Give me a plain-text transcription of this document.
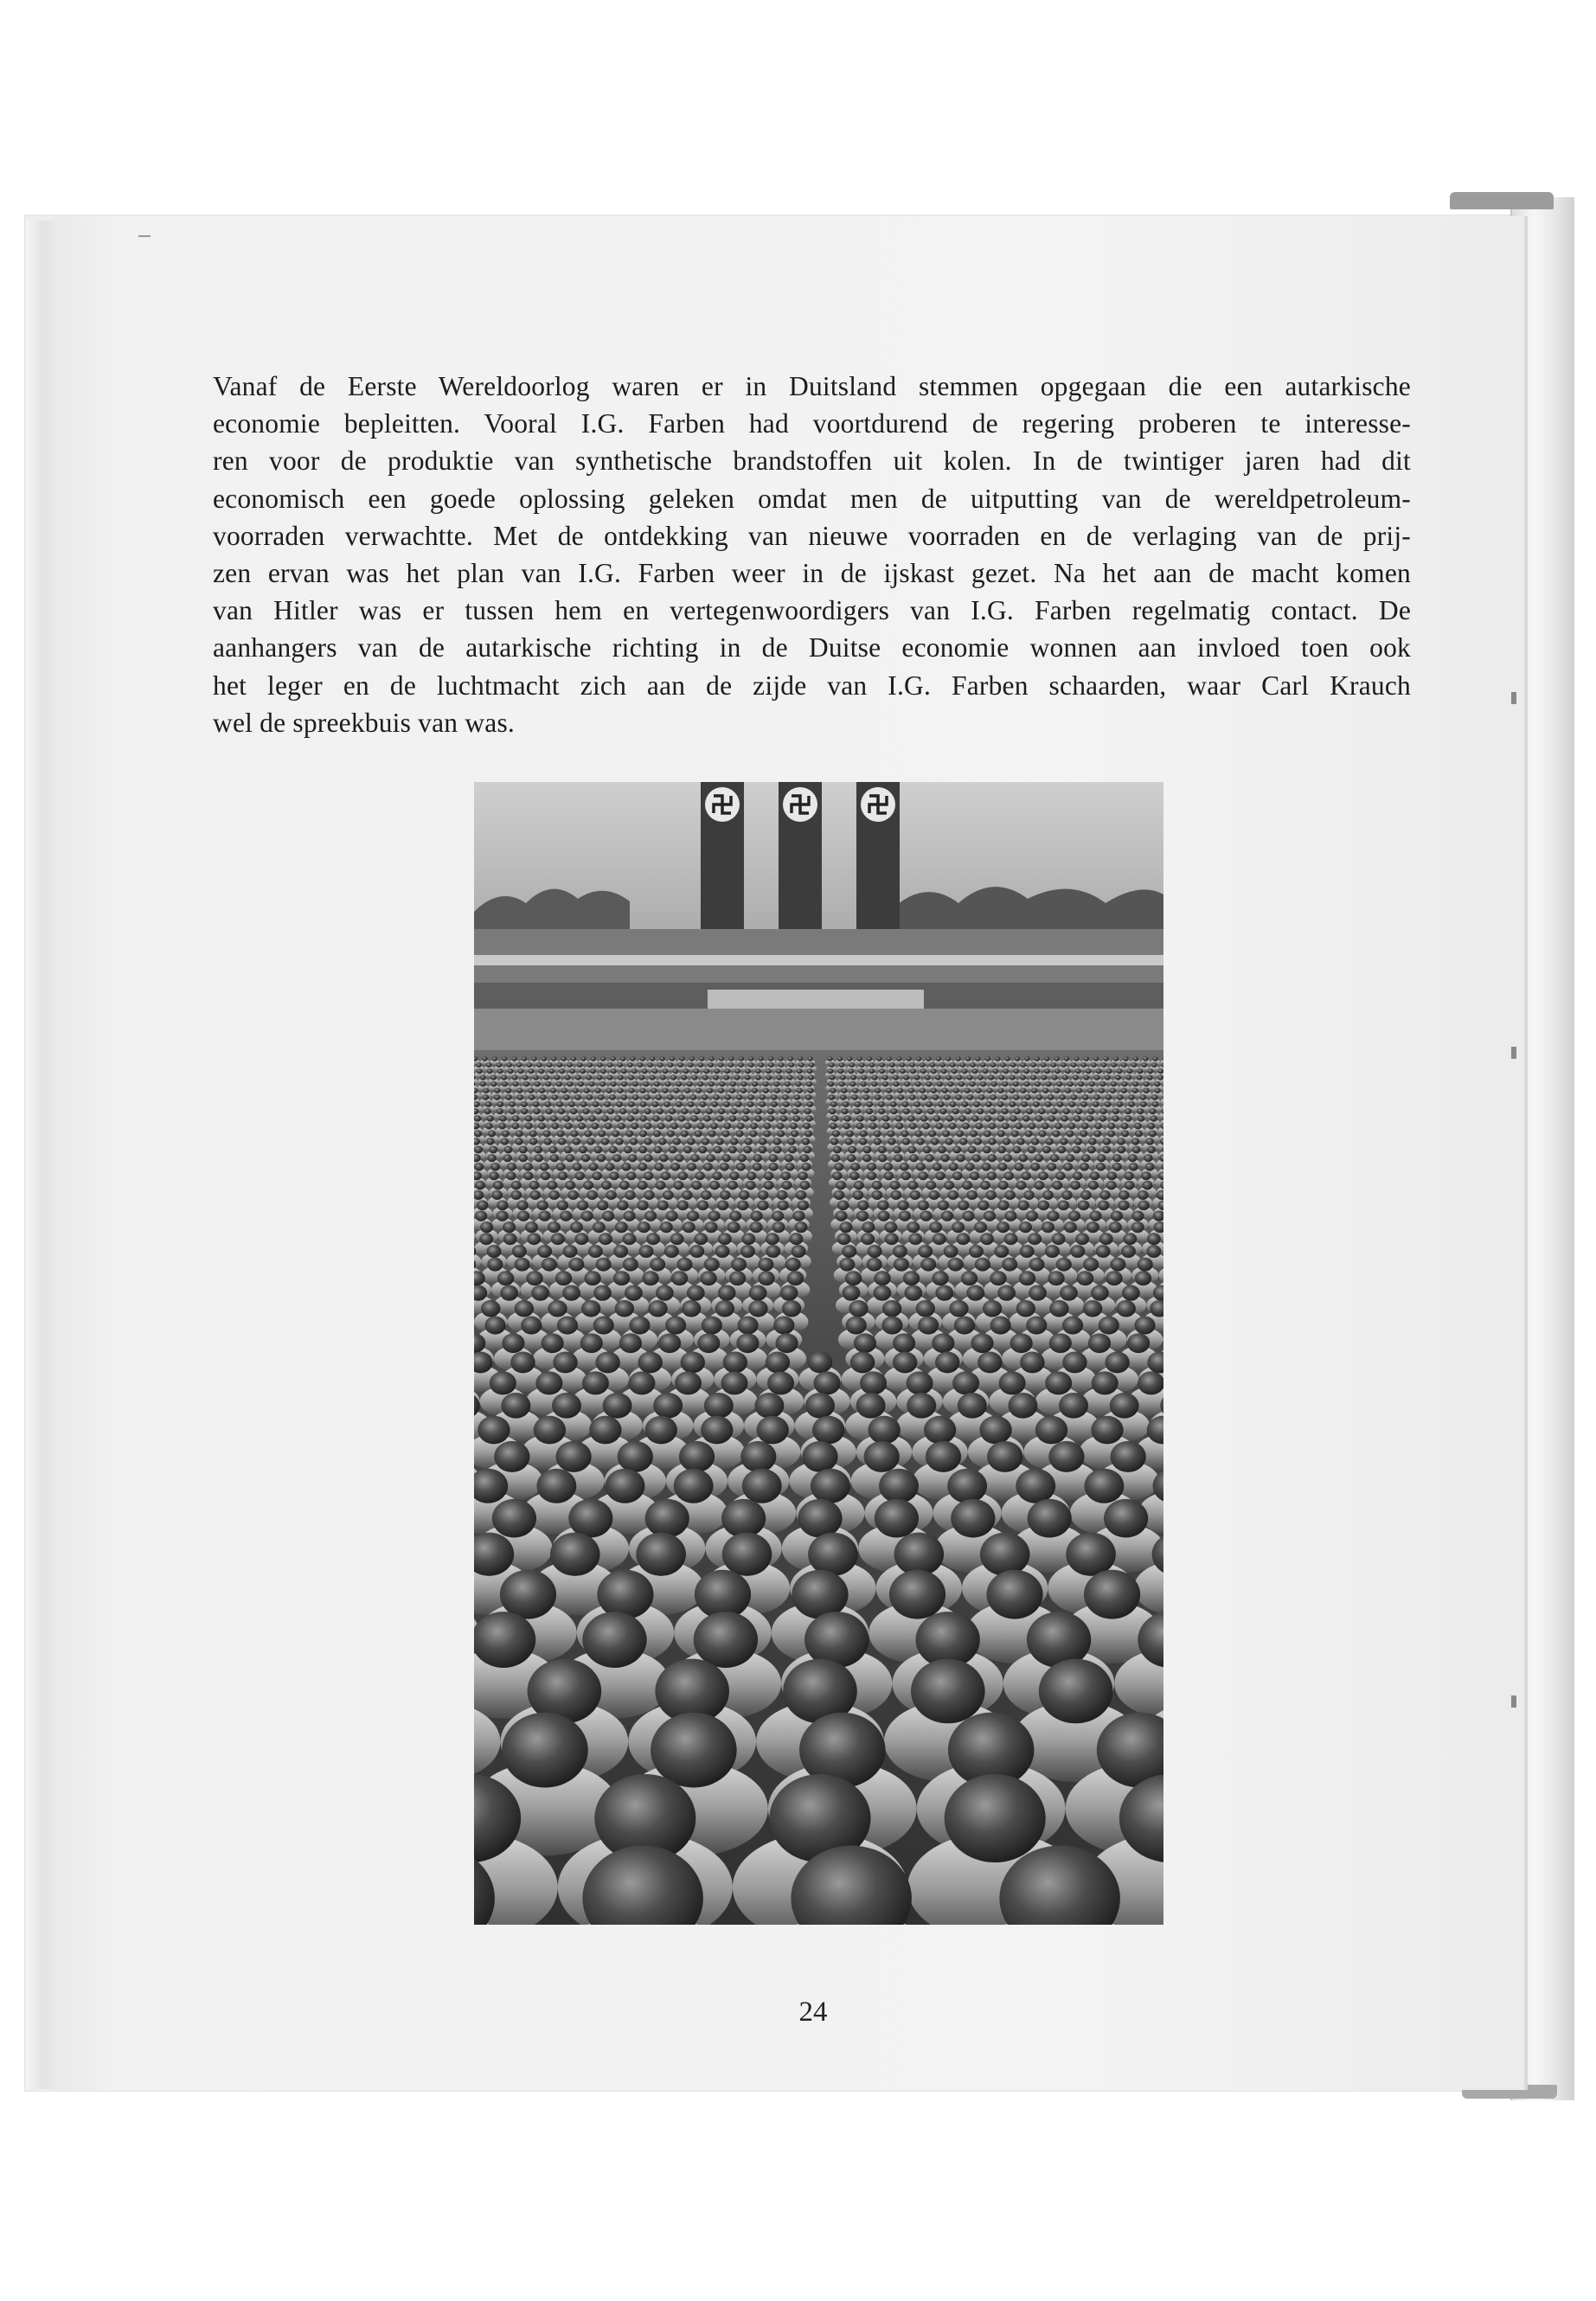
Vanaf de Eerste Wereldoorlog waren er in Duitsland stemmen opgegaan die een autarkische
economie bepleitten. Vooral I.G. Farben had voortdurend de regering proberen te interesse-
ren voor de produktie van synthetische brandstoffen uit kolen. In de twintiger jaren had dit
economisch een goede oplossing geleken omdat men de uitputting van de wereldpetroleum-
voorraden verwachtte. Met de ontdekking van nieuwe voorraden en de verlaging van de prij-
zen ervan was het plan van I.G. Farben weer in de ijskast gezet. Na het aan de macht komen
van Hitler was er tussen hem en vertegenwoordigers van I.G. Farben regelmatig contact. De
aanhangers van de autarkische richting in de Duitse economie wonnen aan invloed toen ook
het leger en de luchtmacht zich aan de zijde van I.G. Farben schaarden, waar Carl Krauch
wel de spreekbuis van was.
24
